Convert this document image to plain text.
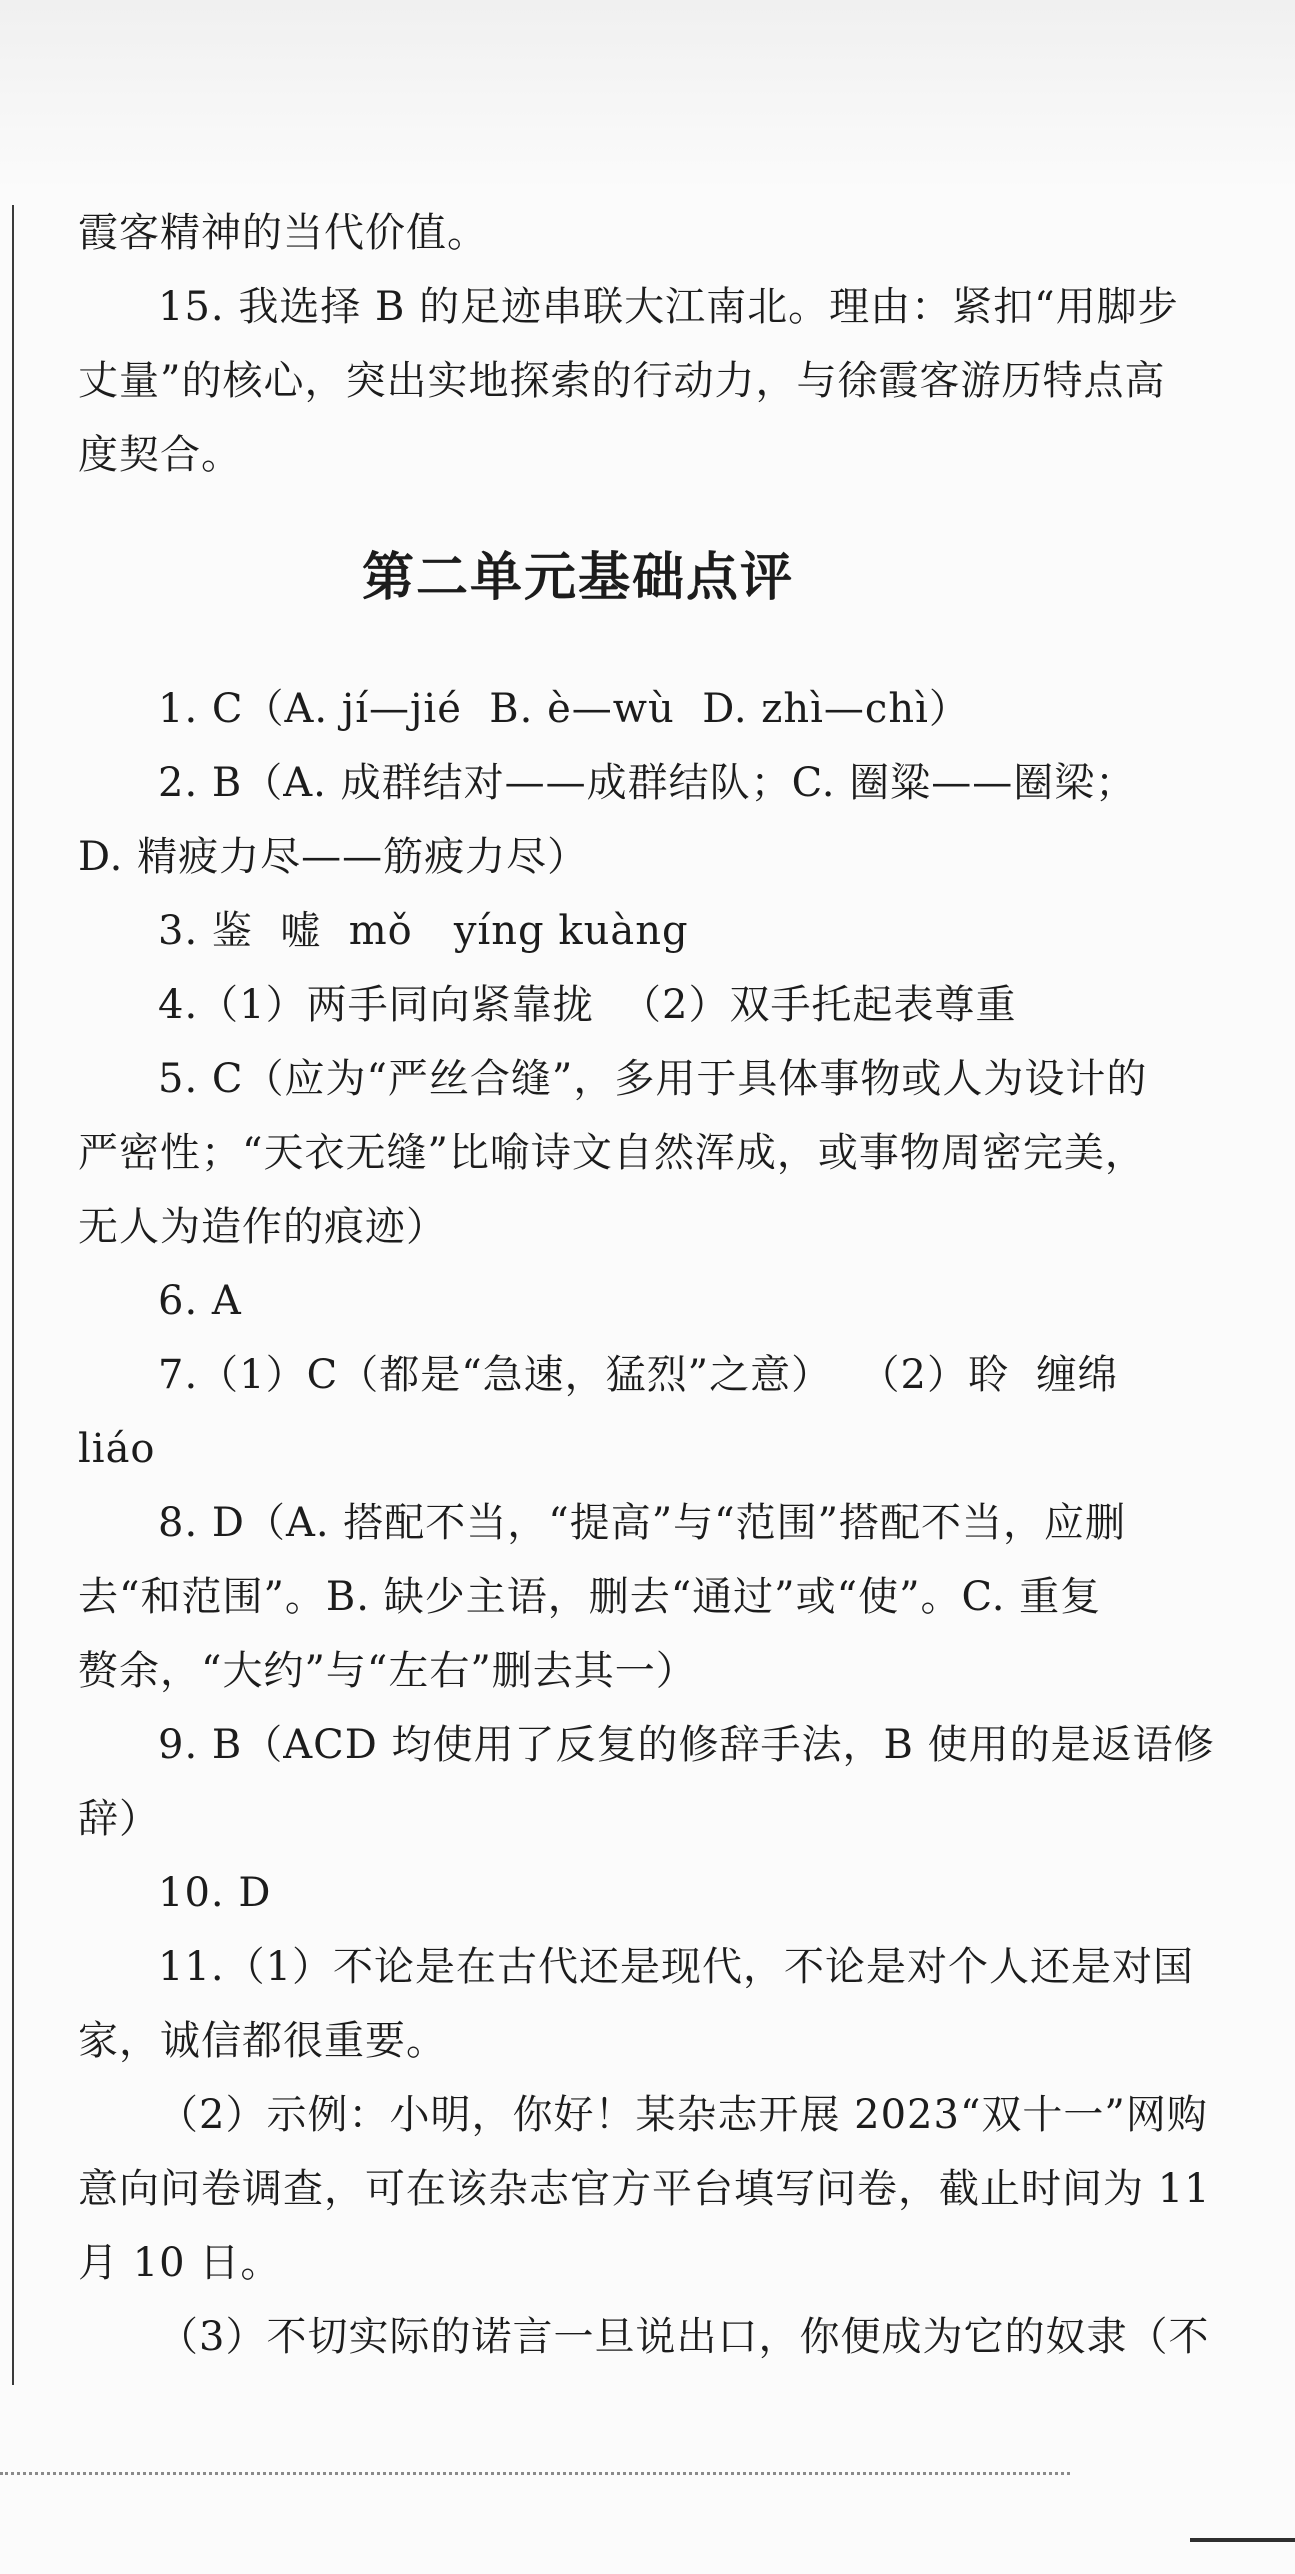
霞客精神的当代价值。

15. 我选择 B 的足迹串联大江南北。理由：紧扣“用脚步

丈量”的核心，突出实地探索的行动力，与徐霞客游历特点高

度契合。

第二单元基础点评

1. C（A. jí—jié  B. è—wù  D. zhì—chì）

2. B（A. 成群结对——成群结队；C. 圈粱——圈梁；

D. 精疲力尽——筋疲力尽）

3. 鉴  嘘  mǒ   yíng kuàng

4.（1）两手同向紧靠拢  （2）双手托起表尊重

5. C（应为“严丝合缝”，多用于具体事物或人为设计的

严密性；“天衣无缝”比喻诗文自然浑成，或事物周密完美，

无人为造作的痕迹）

6. A

7.（1）C（都是“急速，猛烈”之意）  （2）聆  缠绵

liáo

8. D（A. 搭配不当，“提高”与“范围”搭配不当，应删

去“和范围”。B. 缺少主语，删去“通过”或“使”。C. 重复

赘余，“大约”与“左右”删去其一）

9. B（ACD 均使用了反复的修辞手法，B 使用的是返语修

辞）

10. D

11.（1）不论是在古代还是现代，不论是对个人还是对国

家，诚信都很重要。

（2）示例：小明，你好！某杂志开展 2023“双十一”网购

意向问卷调查，可在该杂志官方平台填写问卷，截止时间为 11

月 10 日。

（3）不切实际的诺言一旦说出口，你便成为它的奴隶（不
